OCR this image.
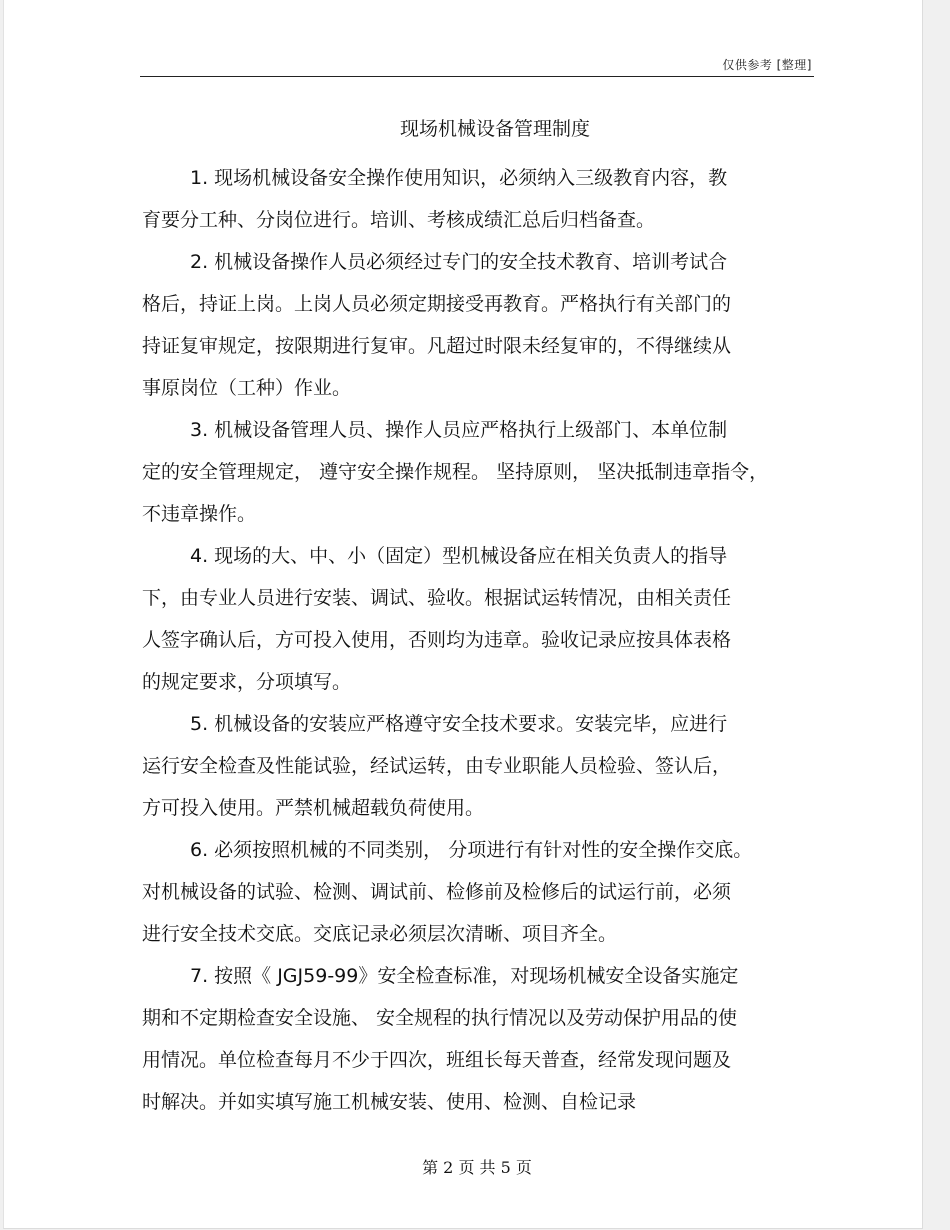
仅供参考 [整理]
现场机械设备管理制度

1. 现场机械设备安全操作使用知识，必须纳入三级教育内容，教
育要分工种、分岗位进行。培训、考核成绩汇总后归档备查。

2. 机械设备操作人员必须经过专门的安全技术教育、培训考试合
格后，持证上岗。上岗人员必须定期接受再教育。严格执行有关部门的
持证复审规定，按限期进行复审。凡超过时限未经复审的，不得继续从
事原岗位（工种）作业。

3. 机械设备管理人员、操作人员应严格执行上级部门、本单位制
定的安全管理规定， 遵守安全操作规程。 坚持原则， 坚决抵制违章指令，
不违章操作。

4. 现场的大、中、小（固定）型机械设备应在相关负责人的指导
下，由专业人员进行安装、调试、验收。根据试运转情况，由相关责任
人签字确认后，方可投入使用，否则均为违章。验收记录应按具体表格
的规定要求，分项填写。

5. 机械设备的安装应严格遵守安全技术要求。安装完毕，应进行
运行安全检查及性能试验，经试运转，由专业职能人员检验、签认后，
方可投入使用。严禁机械超载负荷使用。

6. 必须按照机械的不同类别， 分项进行有针对性的安全操作交底。
对机械设备的试验、检测、调试前、检修前及检修后的试运行前，必须
进行安全技术交底。交底记录必须层次清晰、项目齐全。

7. 按照《 JGJ59-99》安全检查标准，对现场机械安全设备实施定
期和不定期检查安全设施、 安全规程的执行情况以及劳动保护用品的使
用情况。单位检查每月不少于四次，班组长每天普查，经常发现问题及
时解决。并如实填写施工机械安装、使用、检测、自检记录

第 2 页 共 5 页
